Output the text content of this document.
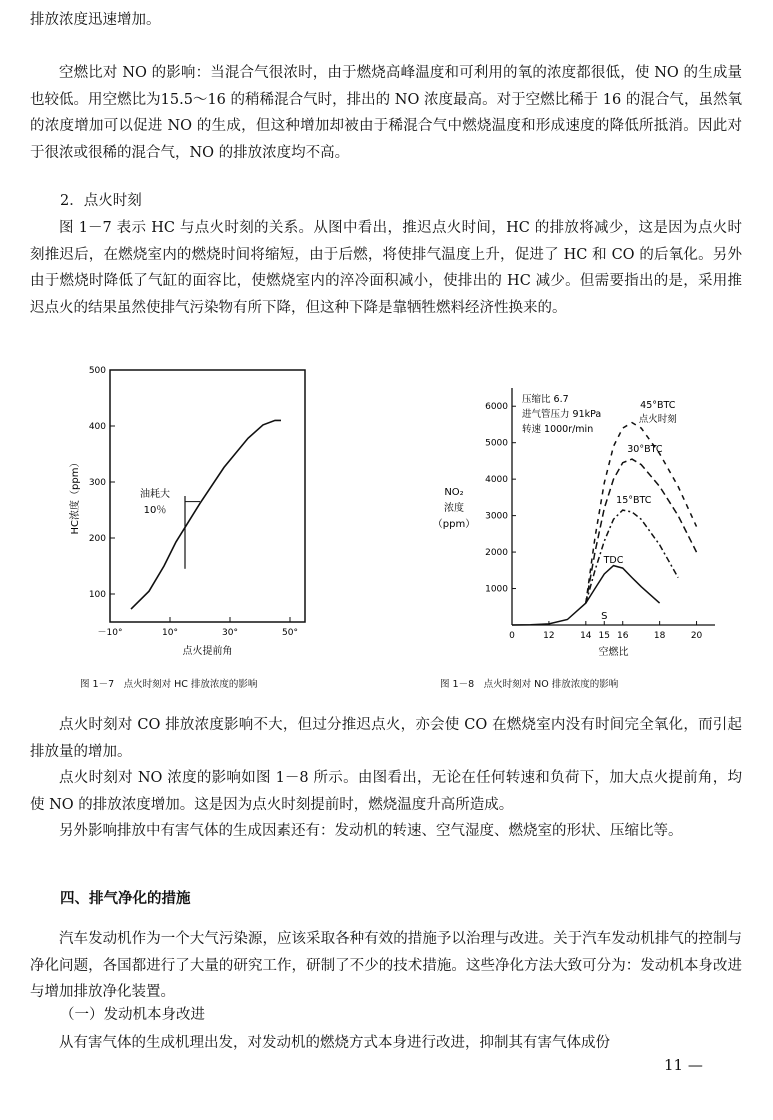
排放浓度迅速增加。

空燃比对 NO 的影响：当混合气很浓时，由于燃烧高峰温度和可利用的氧的浓度都很低，使 NO 的生成量也较低。用空燃比为15.5～16 的稍稀混合气时，排出的 NO 浓度最高。对于空燃比稀于 16 的混合气，虽然氧的浓度增加可以促进 NO 的生成，但这种增加却被由于稀混合气中燃烧温度和形成速度的降低所抵消。因此对于很浓或很稀的混合气，NO 的排放浓度均不高。

2．点火时刻

图 1－7 表示 HC 与点火时刻的关系。从图中看出，推迟点火时间，HC 的排放将减少，这是因为点火时刻推迟后，在燃烧室内的燃烧时间将缩短，由于后燃，将使排气温度上升，促进了 HC 和 CO 的后氧化。另外由于燃烧时降低了气缸的面容比，使燃烧室内的淬冷面积减小，使排出的 HC 减少。但需要指出的是，采用推迟点火的结果虽然使排气污染物有所下降，但这种下降是靠牺牲燃料经济性换来的。

100
200
300
400
500
－10°	10°	30°	50°
点火提前角
HC浓度（ppm）	油耗大
10％
图 1－7　点火时刻对 HC 排放浓度的影响
1000
2000
3000
4000
5000
6000
0	12	14 15 16	18	20
S
空燃比
NO₂
浓度
（ppm）
压缩比 6.7
进气管压力 91kPa
转速 1000r/min
TDC
15°BTC
30°BTC
45°BTC
点火时刻
图 1－8　点火时刻对 NO 排放浓度的影响

点火时刻对 CO 排放浓度影响不大，但过分推迟点火，亦会使 CO 在燃烧室内没有时间完全氧化，而引起排放量的增加。

点火时刻对 NO 浓度的影响如图 1－8 所示。由图看出，无论在任何转速和负荷下，加大点火提前角，均使 NO 的排放浓度增加。这是因为点火时刻提前时，燃烧温度升高所造成。

另外影响排放中有害气体的生成因素还有：发动机的转速、空气湿度、燃烧室的形状、压缩比等。

四、排气净化的措施

汽车发动机作为一个大气污染源，应该采取各种有效的措施予以治理与改进。关于汽车发动机排气的控制与净化问题，各国都进行了大量的研究工作，研制了不少的技术措施。这些净化方法大致可分为：发动机本身改进与增加排放净化装置。

（一）发动机本身改进

从有害气体的生成机理出发，对发动机的燃烧方式本身进行改进，抑制其有害气体成份

11 —
